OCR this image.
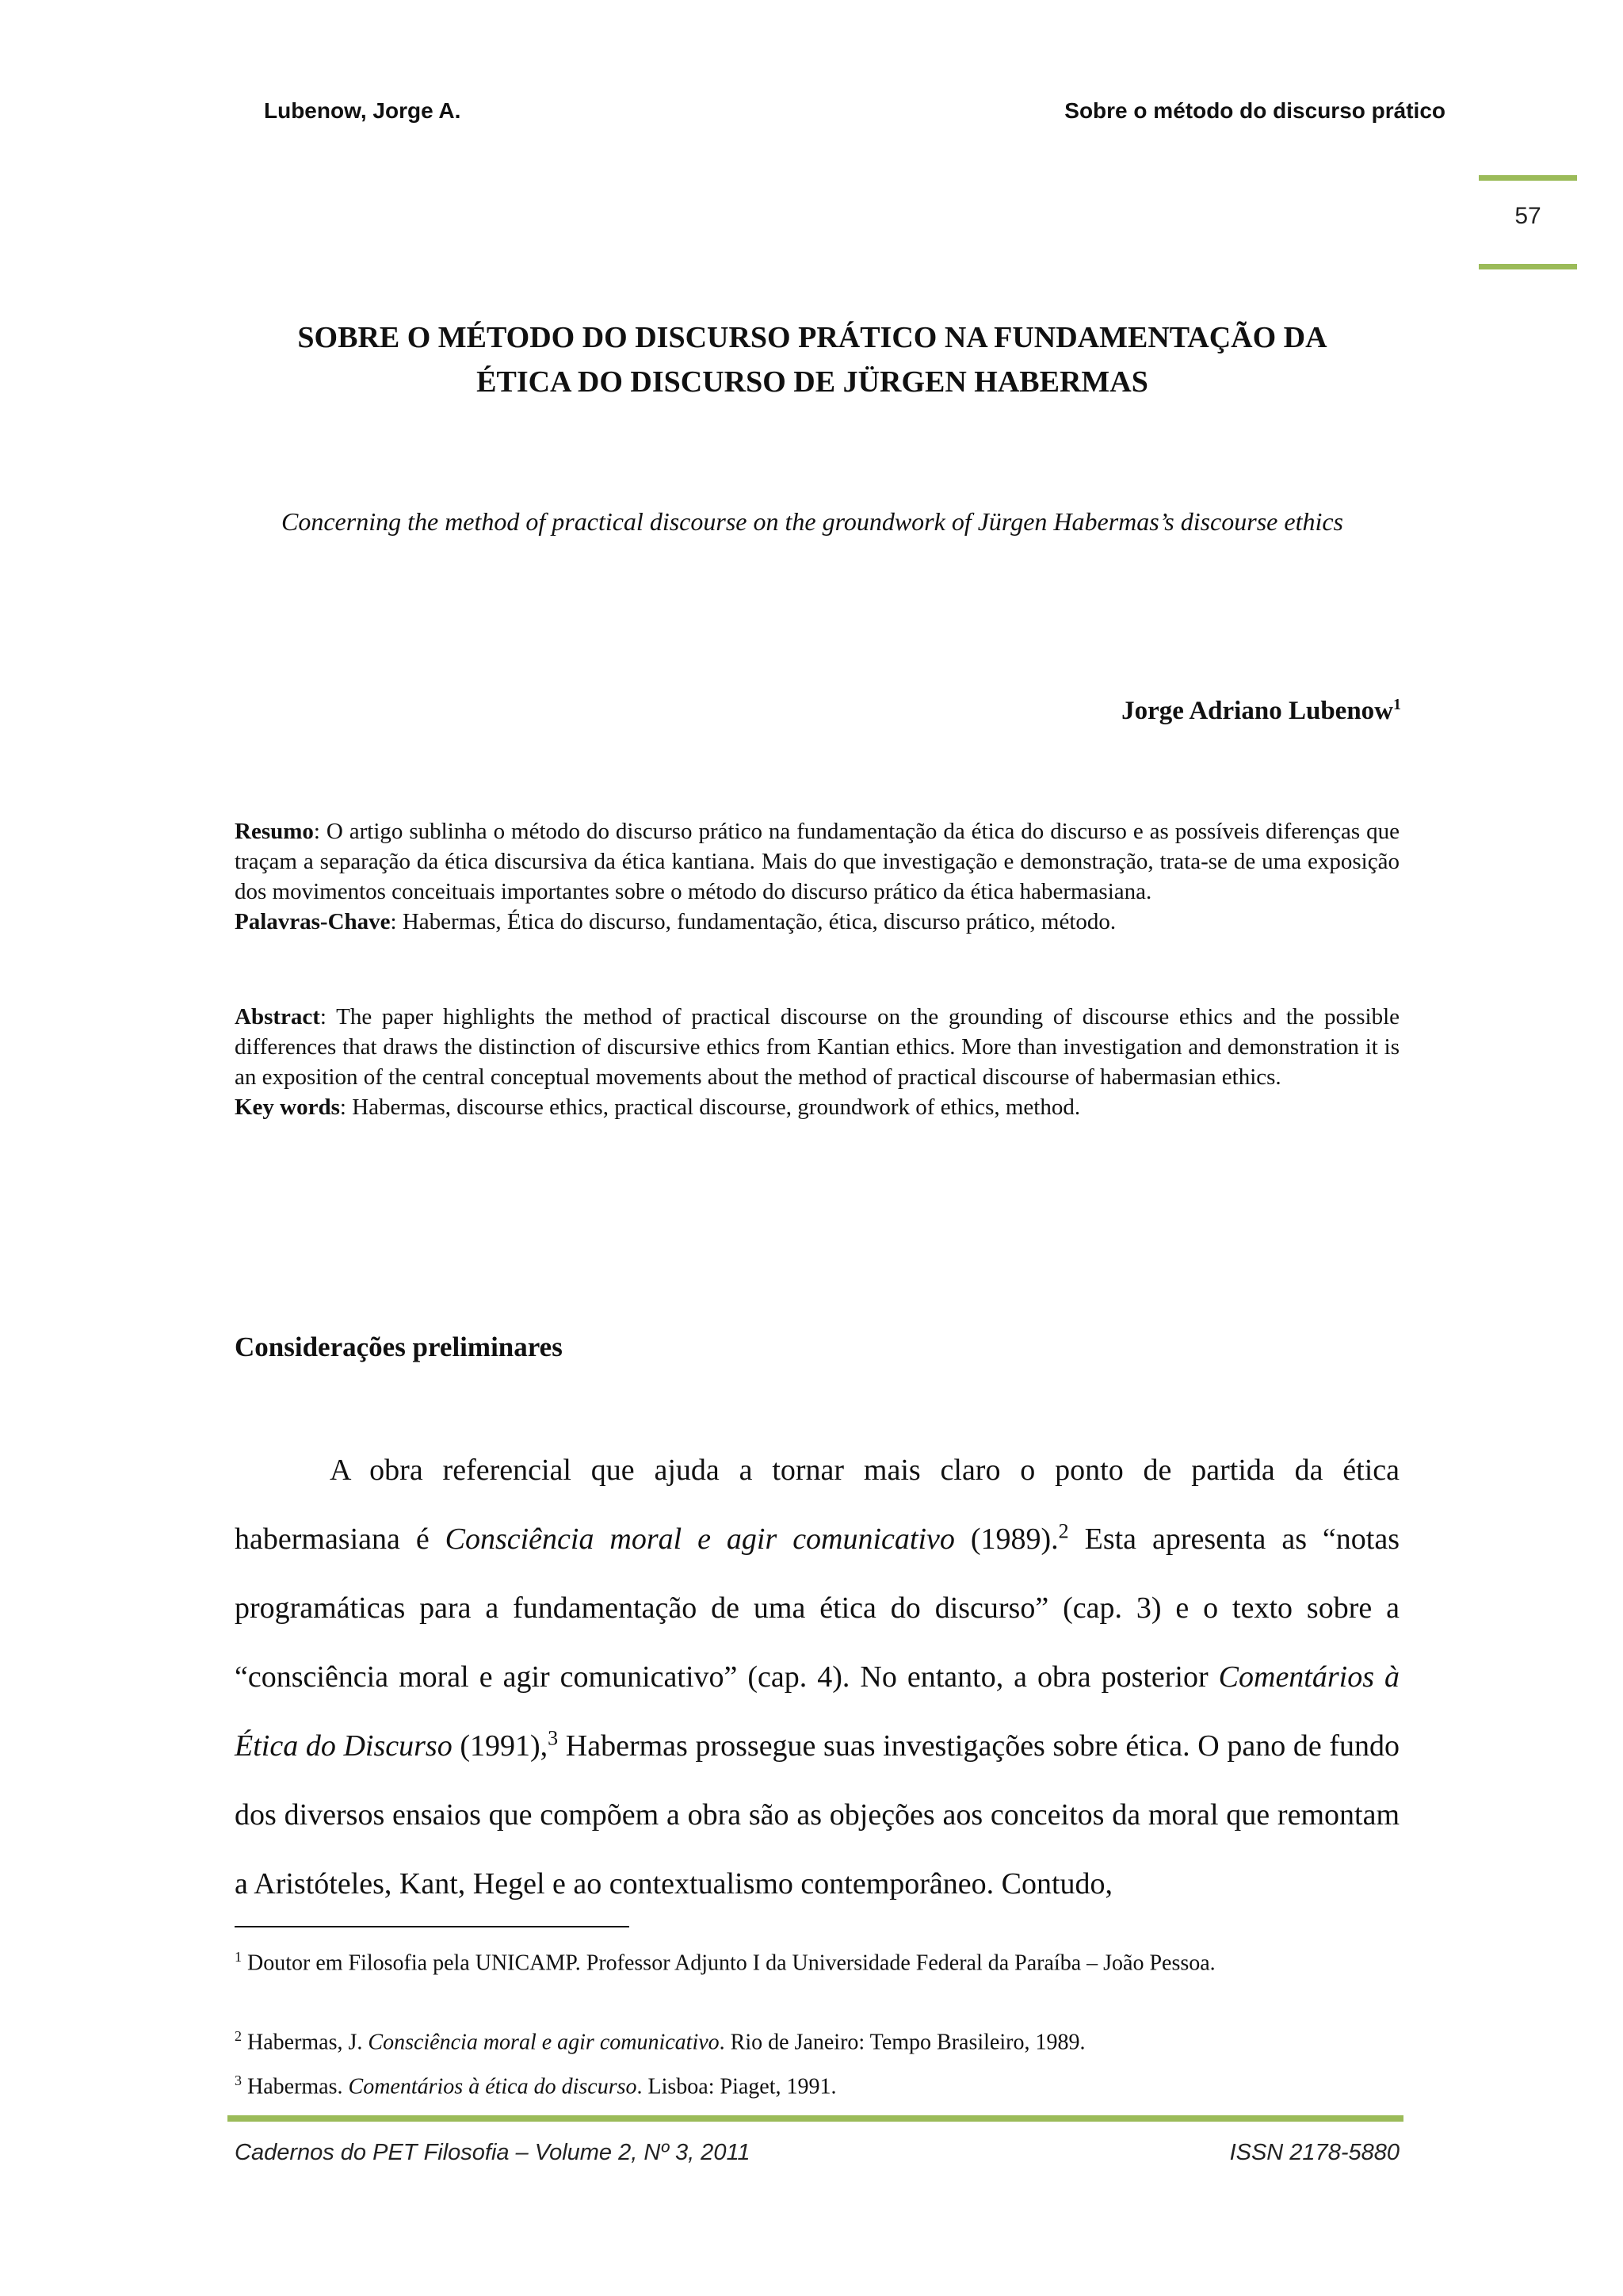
Lubenow, Jorge A.	Sobre o método do discurso prático
57
SOBRE O MÉTODO DO DISCURSO PRÁTICO NA FUNDAMENTAÇÃO DA
ÉTICA DO DISCURSO DE JÜRGEN HABERMAS
Concerning the method of practical discourse on the groundwork of Jürgen Habermas’s discourse ethics
Jorge Adriano Lubenow$^1$

Resumo: O artigo sublinha o método do discurso prático na fundamentação da ética do discurso e as possíveis diferenças que traçam a separação da ética discursiva da ética kantiana. Mais do que investigação e demonstração, trata-se de uma exposição dos movimentos conceituais importantes sobre o método do discurso prático da ética habermasiana.

Palavras-Chave: Habermas, Ética do discurso, fundamentação, ética, discurso prático, método.

Abstract: The paper highlights the method of practical discourse on the grounding of discourse ethics and the possible differences that draws the distinction of discursive ethics from Kantian ethics. More than investigation and demonstration it is an exposition of the central conceptual movements about the method of practical discourse of habermasian ethics.

Key words: Habermas, discourse ethics, practical discourse, groundwork of ethics, method.

Considerações preliminares

A obra referencial que ajuda a tornar mais claro o ponto de partida da ética habermasiana é Consciência moral e agir comunicativo (1989).$^2$ Esta apresenta as “notas programáticas para a fundamentação de uma ética do discurso” (cap. 3) e o texto sobre a “consciência moral e agir comunicativo” (cap. 4). No entanto, a obra posterior Comentários à Ética do Discurso (1991),$^3$ Habermas prossegue suas investigações sobre ética. O pano de fundo dos diversos ensaios que compõem a obra são as objeções aos conceitos da moral que remontam a Aristóteles, Kant, Hegel e ao contextualismo contemporâneo. Contudo,

$^1$ Doutor em Filosofia pela UNICAMP. Professor Adjunto I da Universidade Federal da Paraíba – João Pessoa.
$^2$ Habermas, J. Consciência moral e agir comunicativo. Rio de Janeiro: Tempo Brasileiro, 1989.
$^3$ Habermas. Comentários à ética do discurso. Lisboa: Piaget, 1991.
Cadernos do PET Filosofia – Volume 2, Nº 3, 2011	ISSN 2178-5880
